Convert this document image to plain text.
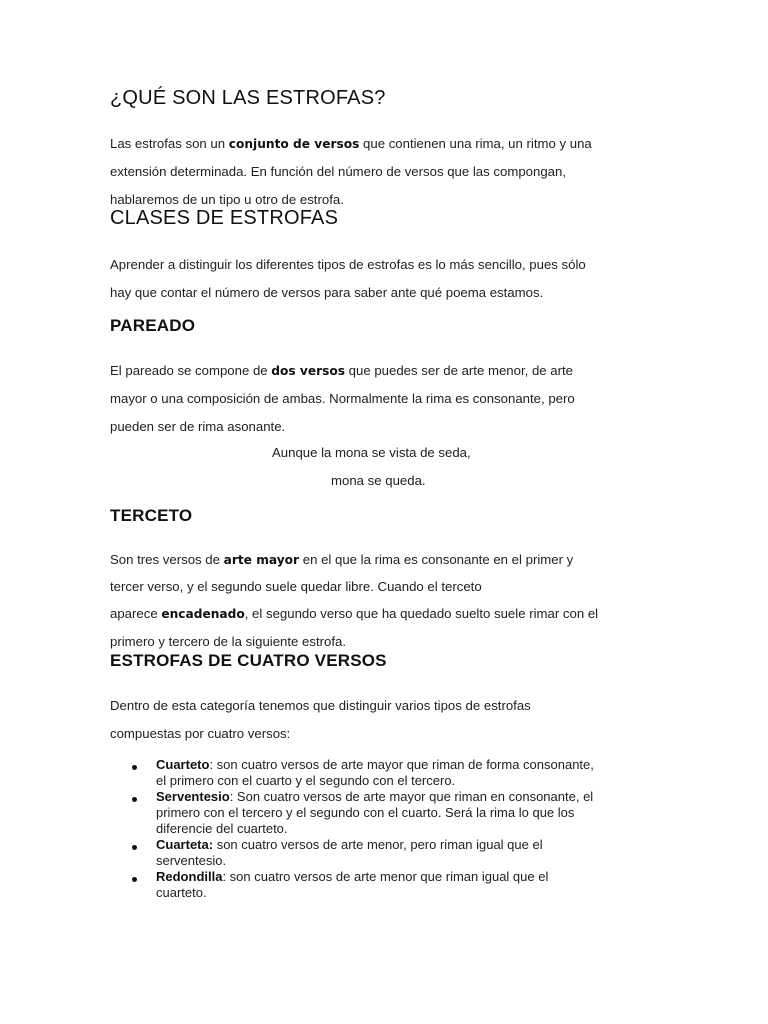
¿QUÉ SON LAS ESTROFAS?
Las estrofas son un conjunto de versos que contienen una rima, un ritmo y una
extensión determinada. En función del número de versos que las compongan,
hablaremos de un tipo u otro de estrofa.
CLASES DE ESTROFAS
Aprender a distinguir los diferentes tipos de estrofas es lo más sencillo, pues sólo
hay que contar el número de versos para saber ante qué poema estamos.
PAREADO
El pareado se compone de dos versos que puedes ser de arte menor, de arte
mayor o una composición de ambas. Normalmente la rima es consonante, pero
pueden ser de rima asonante.
Aunque la mona se vista de seda,
mona se queda.
TERCETO
Son tres versos de arte mayor en el que la rima es consonante en el primer y
tercer verso, y el segundo suele quedar libre. Cuando el terceto
aparece encadenado, el segundo verso que ha quedado suelto suele rimar con el
primero y tercero de la siguiente estrofa.
ESTROFAS DE CUATRO VERSOS
Dentro de esta categoría tenemos que distinguir varios tipos de estrofas
compuestas por cuatro versos:
Cuarteto: son cuatro versos de arte mayor que riman de forma consonante,
el primero con el cuarto y el segundo con el tercero.
Serventesio: Son cuatro versos de arte mayor que riman en consonante, el
primero con el tercero y el segundo con el cuarto. Será la rima lo que los
diferencie del cuarteto.
Cuarteta: son cuatro versos de arte menor, pero riman igual que el
serventesio.
Redondilla: son cuatro versos de arte menor que riman igual que el
cuarteto.
